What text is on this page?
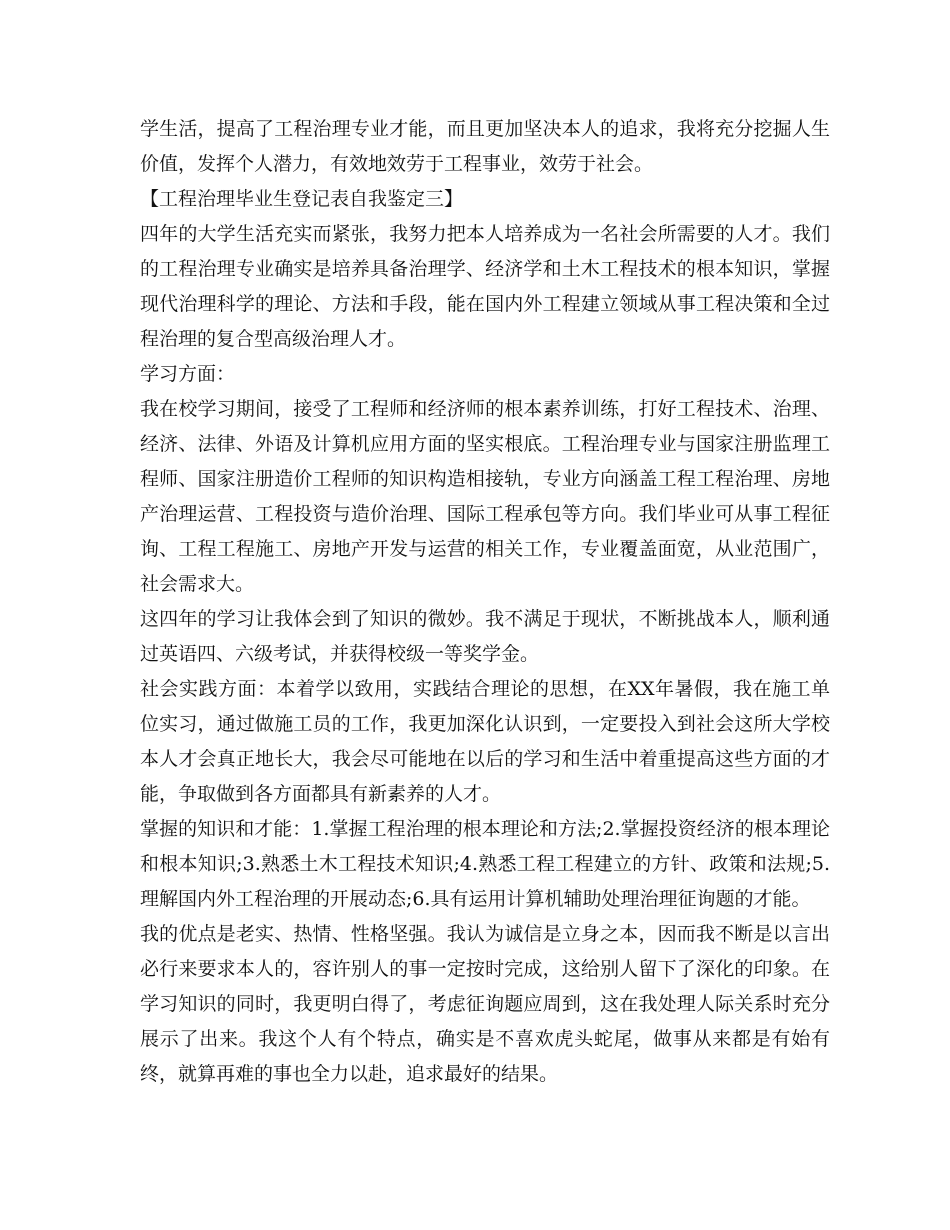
学生活，提高了工程治理专业才能，而且更加坚决本人的追求，我将充分挖掘人生价值，发挥个人潜力，有效地效劳于工程事业，效劳于社会。

【工程治理毕业生登记表自我鉴定三】

四年的大学生活充实而紧张，我努力把本人培养成为一名社会所需要的人才。我们的工程治理专业确实是培养具备治理学、经济学和土木工程技术的根本知识，掌握现代治理科学的理论、方法和手段，能在国内外工程建立领域从事工程决策和全过程治理的复合型高级治理人才。

学习方面：

我在校学习期间，接受了工程师和经济师的根本素养训练，打好工程技术、治理、经济、法律、外语及计算机应用方面的坚实根底。工程治理专业与国家注册监理工程师、国家注册造价工程师的知识构造相接轨，专业方向涵盖工程工程治理、房地产治理运营、工程投资与造价治理、国际工程承包等方向。我们毕业可从事工程征询、工程工程施工、房地产开发与运营的相关工作，专业覆盖面宽，从业范围广，社会需求大。

这四年的学习让我体会到了知识的微妙。我不满足于现状，不断挑战本人，顺利通过英语四、六级考试，并获得校级一等奖学金。

社会实践方面：本着学以致用，实践结合理论的思想，在XX年暑假，我在施工单位实习，通过做施工员的工作，我更加深化认识到，一定要投入到社会这所大学校本人才会真正地长大，我会尽可能地在以后的学习和生活中着重提高这些方面的才能，争取做到各方面都具有新素养的人才。

掌握的知识和才能：1.掌握工程治理的根本理论和方法;2.掌握投资经济的根本理论和根本知识;3.熟悉土木工程技术知识;4.熟悉工程工程建立的方针、政策和法规;5.理解国内外工程治理的开展动态;6.具有运用计算机辅助处理治理征询题的才能。

我的优点是老实、热情、性格坚强。我认为诚信是立身之本，因而我不断是以言出必行来要求本人的，容许别人的事一定按时完成，这给别人留下了深化的印象。在学习知识的同时，我更明白得了，考虑征询题应周到，这在我处理人际关系时充分展示了出来。我这个人有个特点，确实是不喜欢虎头蛇尾，做事从来都是有始有终，就算再难的事也全力以赴，追求最好的结果。
